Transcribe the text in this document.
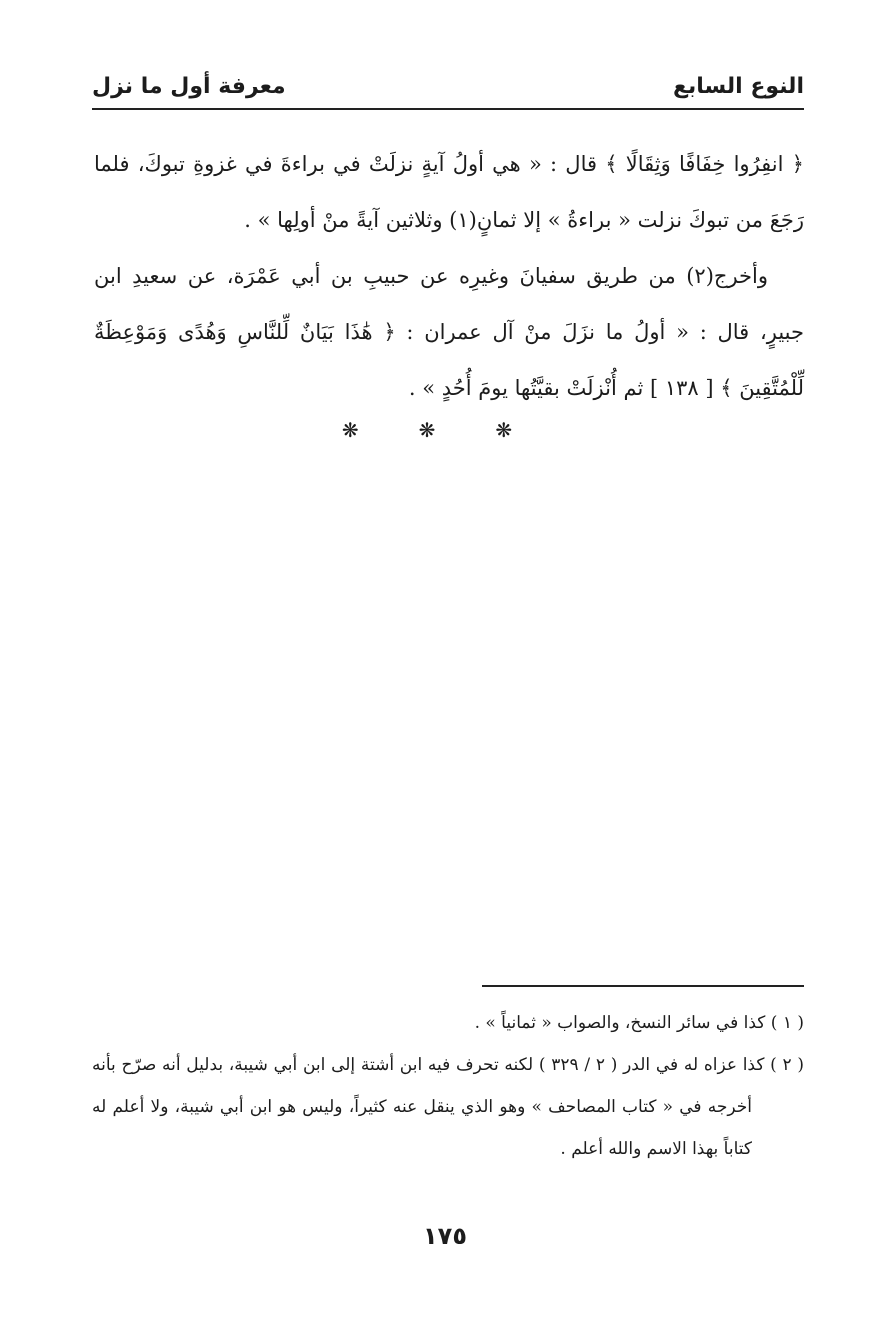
النوع السابع
معرفة أول ما نزل

﴿ انفِرُوا خِفَافًا وَثِقَالًا ﴾ قال : « هي أولُ آيةٍ نزلَتْ في براءةَ في غزوةِ تبوكَ، فلما رَجَعَ من تبوكَ نزلت « براءةُ » إلا ثمانٍ(١) وثلاثين آيةً منْ أولِها » .

وأخرج(٢) من طريق سفيانَ وغيرِه عن حبيبِ بن أبي عَمْرَة، عن سعيدِ ابن جبيرٍ، قال : « أولُ ما نزَلَ منْ آل عمران : ﴿ هَٰذَا بَيَانٌ لِّلنَّاسِ وَهُدًى وَمَوْعِظَةٌ لِّلْمُتَّقِينَ ﴾ [ ١٣٨ ] ثم أُنْزلَتْ بقيَّتُها يومَ أُحُدٍ » .

❋ ❋ ❋

( ١ ) كذا في سائر النسخ، والصواب « ثمانياً » .

( ٢ ) كذا عزاه له في الدر ( ٢ / ٣٢٩ ) لكنه تحرف فيه ابن أشتة إلى ابن أبي شيبة، بدليل أنه صرّح بأنه أخرجه في « كتاب المصاحف » وهو الذي ينقل عنه كثيراً، وليس هو ابن أبي شيبة، ولا أعلم له كتاباً بهذا الاسم والله أعلم .

١٧٥
